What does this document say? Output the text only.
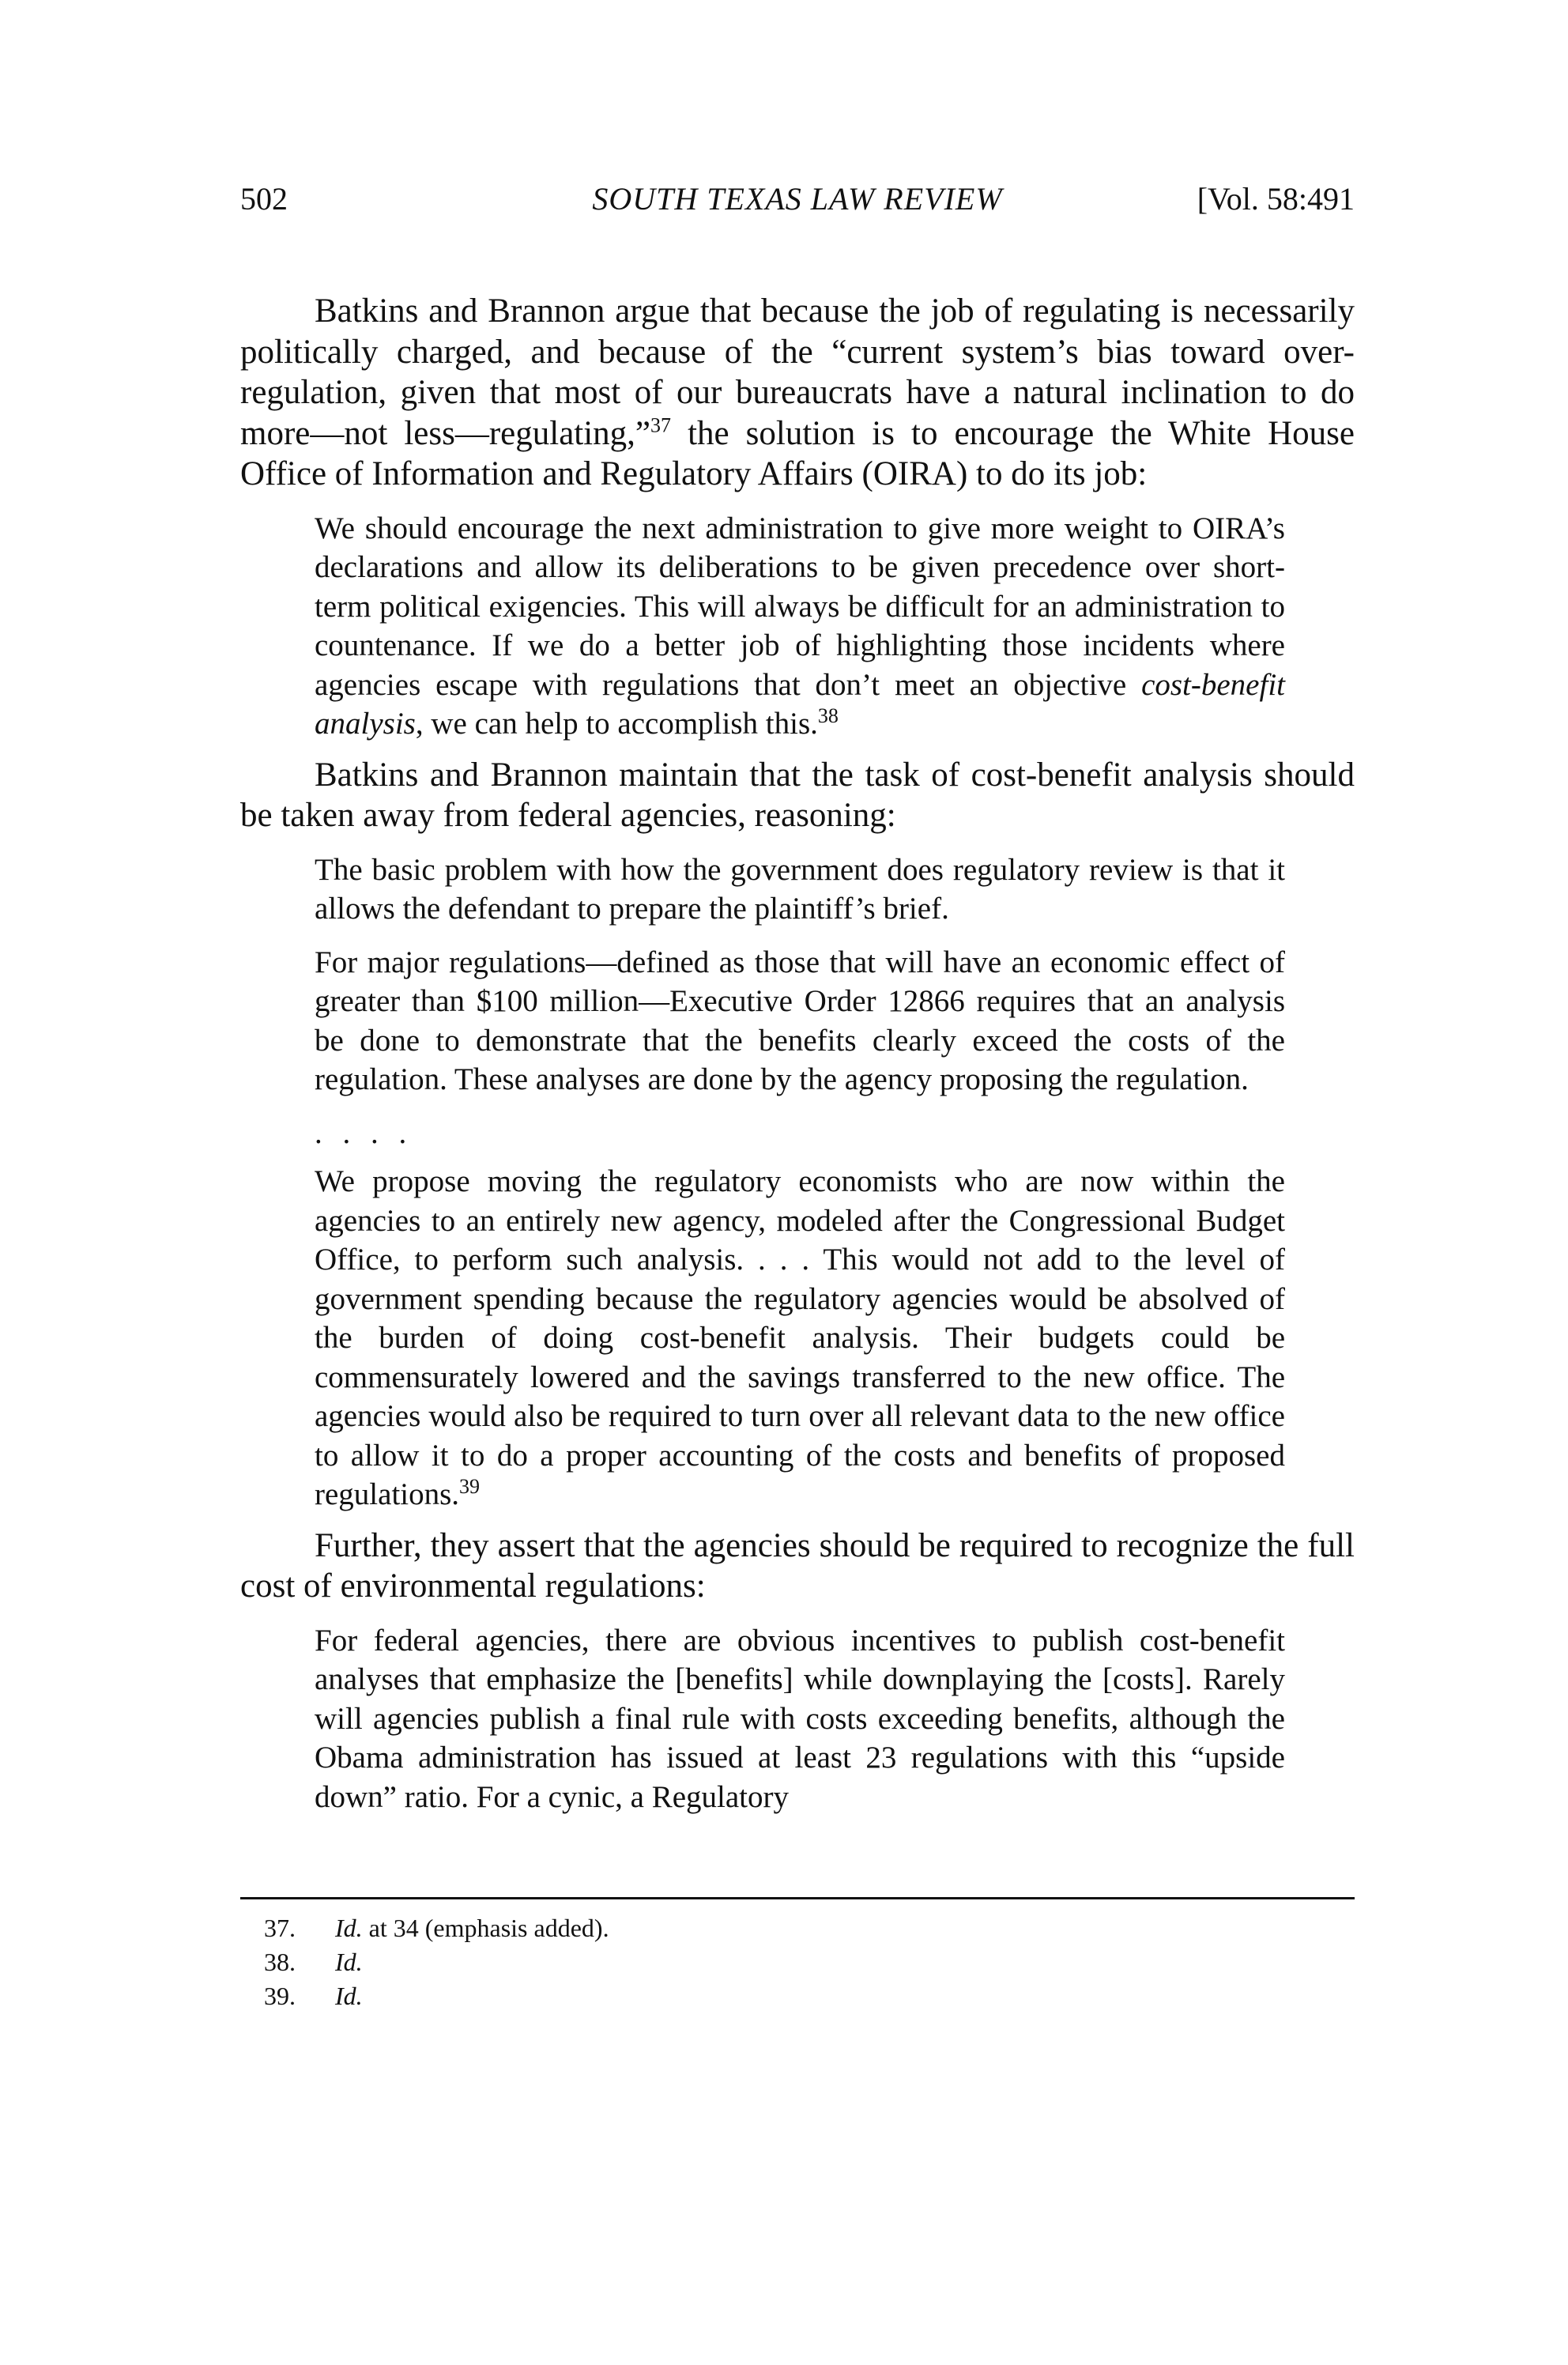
502	SOUTH TEXAS LAW REVIEW	[Vol. 58:491

Batkins and Brannon argue that because the job of regulating is necessarily politically charged, and because of the “current system’s bias toward over-regulation, given that most of our bureaucrats have a natural inclination to do more—not less—regulating,”$^{37}$ the solution is to encourage the White House Office of Information and Regulatory Affairs (OIRA) to do its job:

We should encourage the next administration to give more weight to OIRA’s declarations and allow its deliberations to be given precedence over short-term political exigencies. This will always be difficult for an administration to countenance. If we do a better job of highlighting those incidents where agencies escape with regulations that don’t meet an objective cost-benefit analysis, we can help to accomplish this.$^{38}$

Batkins and Brannon maintain that the task of cost-benefit analysis should be taken away from federal agencies, reasoning:

The basic problem with how the government does regulatory review is that it allows the defendant to prepare the plaintiff’s brief.

For major regulations—defined as those that will have an economic effect of greater than $100 million—Executive Order 12866 requires that an analysis be done to demonstrate that the benefits clearly exceed the costs of the regulation. These analyses are done by the agency proposing the regulation.

. . . .

We propose moving the regulatory economists who are now within the agencies to an entirely new agency, modeled after the Congressional Budget Office, to perform such analysis. . . . This would not add to the level of government spending because the regulatory agencies would be absolved of the burden of doing cost-benefit analysis. Their budgets could be commensurately lowered and the savings transferred to the new office. The agencies would also be required to turn over all relevant data to the new office to allow it to do a proper accounting of the costs and benefits of proposed regulations.$^{39}$

Further, they assert that the agencies should be required to recognize the full cost of environmental regulations:

For federal agencies, there are obvious incentives to publish cost-benefit analyses that emphasize the [benefits] while downplaying the [costs]. Rarely will agencies publish a final rule with costs exceeding benefits, although the Obama administration has issued at least 23 regulations with this “upside down” ratio. For a cynic, a Regulatory

37. Id. at 34 (emphasis added).
38. Id.
39. Id.
